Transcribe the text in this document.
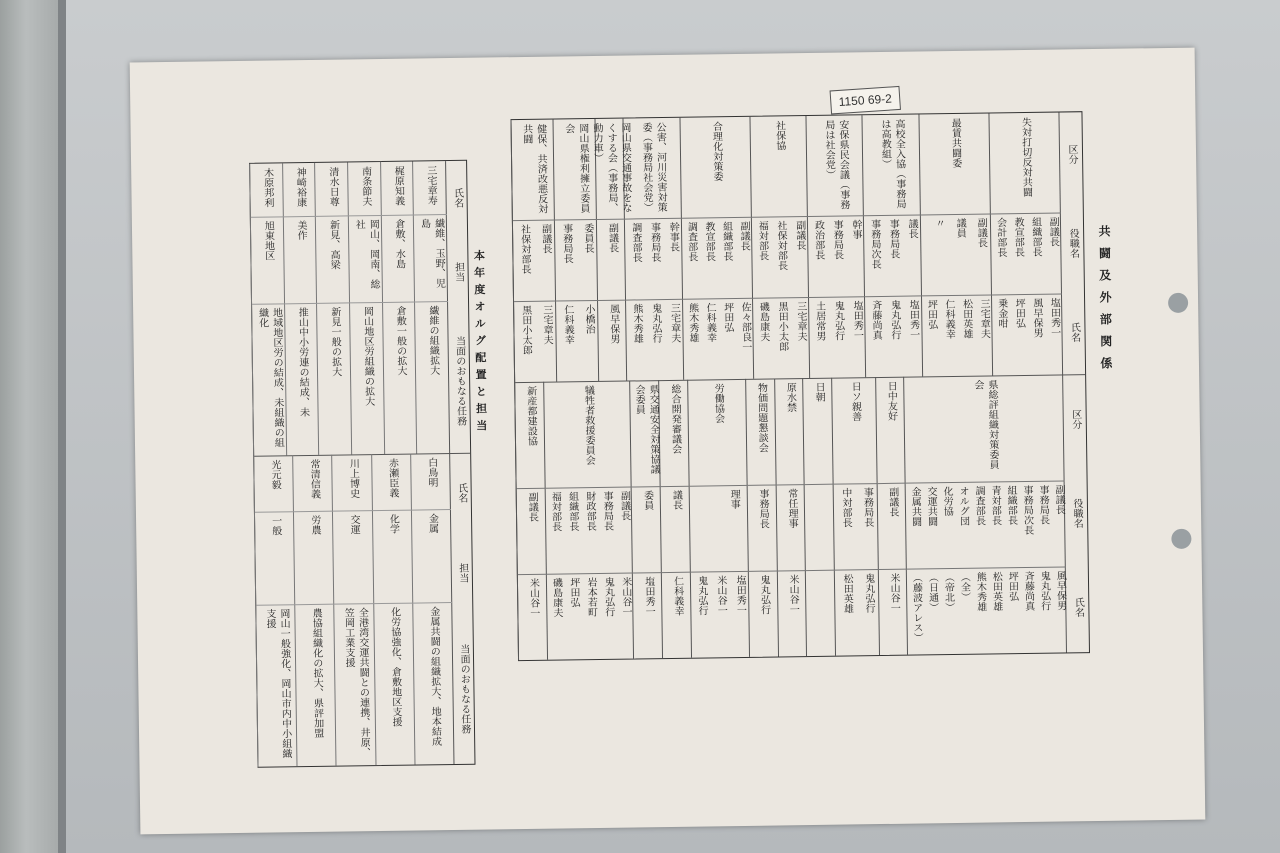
1150 69-2
共闘及外部関係
本年度オルグ配置と担当
区分
役職名
氏名
失対打切反対共闘
副議長
組織部長
教宣部長
会計部長
塩田秀一
風早保男
坪田弘
乗金咁
最賃共闘委
副議長
議員
〃
三宅章夫
松田英雄
仁科義幸
坪田弘
高校全入協（事務局は高教組）
議長
事務局長
事務局次長
塩田秀一
鬼丸弘行
斉藤尚真
安保県民会議（事務局は社会党）
幹事
事務局長
政治部長
塩田秀一
鬼丸弘行
土居常男
社保協
副議長
社保対部長
福対部長
三宅章夫
黒田小太郎
磯島康夫
合理化対策委
副議長
組織部長
教宣部長
調査部長
佐々部良一
坪田弘
仁科義幸
熊木秀雄
公害、河川災害対策委（事務局社会党）
幹事長
事務局長
調査部長
三宅章夫
鬼丸弘行
熊木秀雄
岡山県交通事故をなくする会（事務局、動力車）
副議長
風早保男
岡山県権利擁立委員会
委員長
事務局長
小橋治
仁科義幸
健保、共済改悪反対共闘
副議長
社保対部長
三宅章夫
黒田小太郎
区分
役職名
氏名
県総評組織対策委員会
副議長
事務局長
事務局次長
組織部長
青対部長
調査部長
オルグ団
化労協
交運共闘
金属共闘
風早保男
鬼丸弘行
斉藤尚真
坪田弘
松田英雄
熊木秀雄
（全）
（帝北）
（日通）
（藤波アレス）
日中友好
副議長
米山谷一
日ソ親善
事務局長
中対部長
鬼丸弘行
松田英雄
日朝
原水禁
常任理事
米山谷一
物価問題懇談会
事務局長
鬼丸弘行
労働協会
理事
塩田秀一
米山谷一
鬼丸弘行
総合開発審議会
議長
仁科義幸
県交通安全対策協議会委員
委員
塩田秀一
犠牲者救援委員会
副議長
事務局長
財政部長
組織部長
福対部長
米山谷一
鬼丸弘行
岩本若町
坪田弘
磯島康夫
新産都建設協
副議長
米山谷一
氏名
担当
当面のおもなる任務
三宅章寿
繊維、玉野、児島
繊維の組織拡大
梶原知義
倉敷、水島
倉敷一般の拡大
南条節夫
岡山、岡南、総社
岡山地区労組織の拡大
清水日尊
新見、高梁
新見一般の拡大
神崎裕康
美作
推山中小労連の結成、未
木原邦利
旭東地区
地域地区労の結成、未組織の組織化
氏名
担当
当面のおもなる任務
白鳥明
金属
金属共闘の組織拡大、地本結成
赤瀬臣義
化学
化労協強化、倉敷地区支援
川上博史
交運
全港湾交運共闘との連携、井原、笠岡工業支援
常清信義
労農
農協組織化の拡大、県評加盟
光元毅
一般
岡山一般強化、岡山市内中小組織支援
